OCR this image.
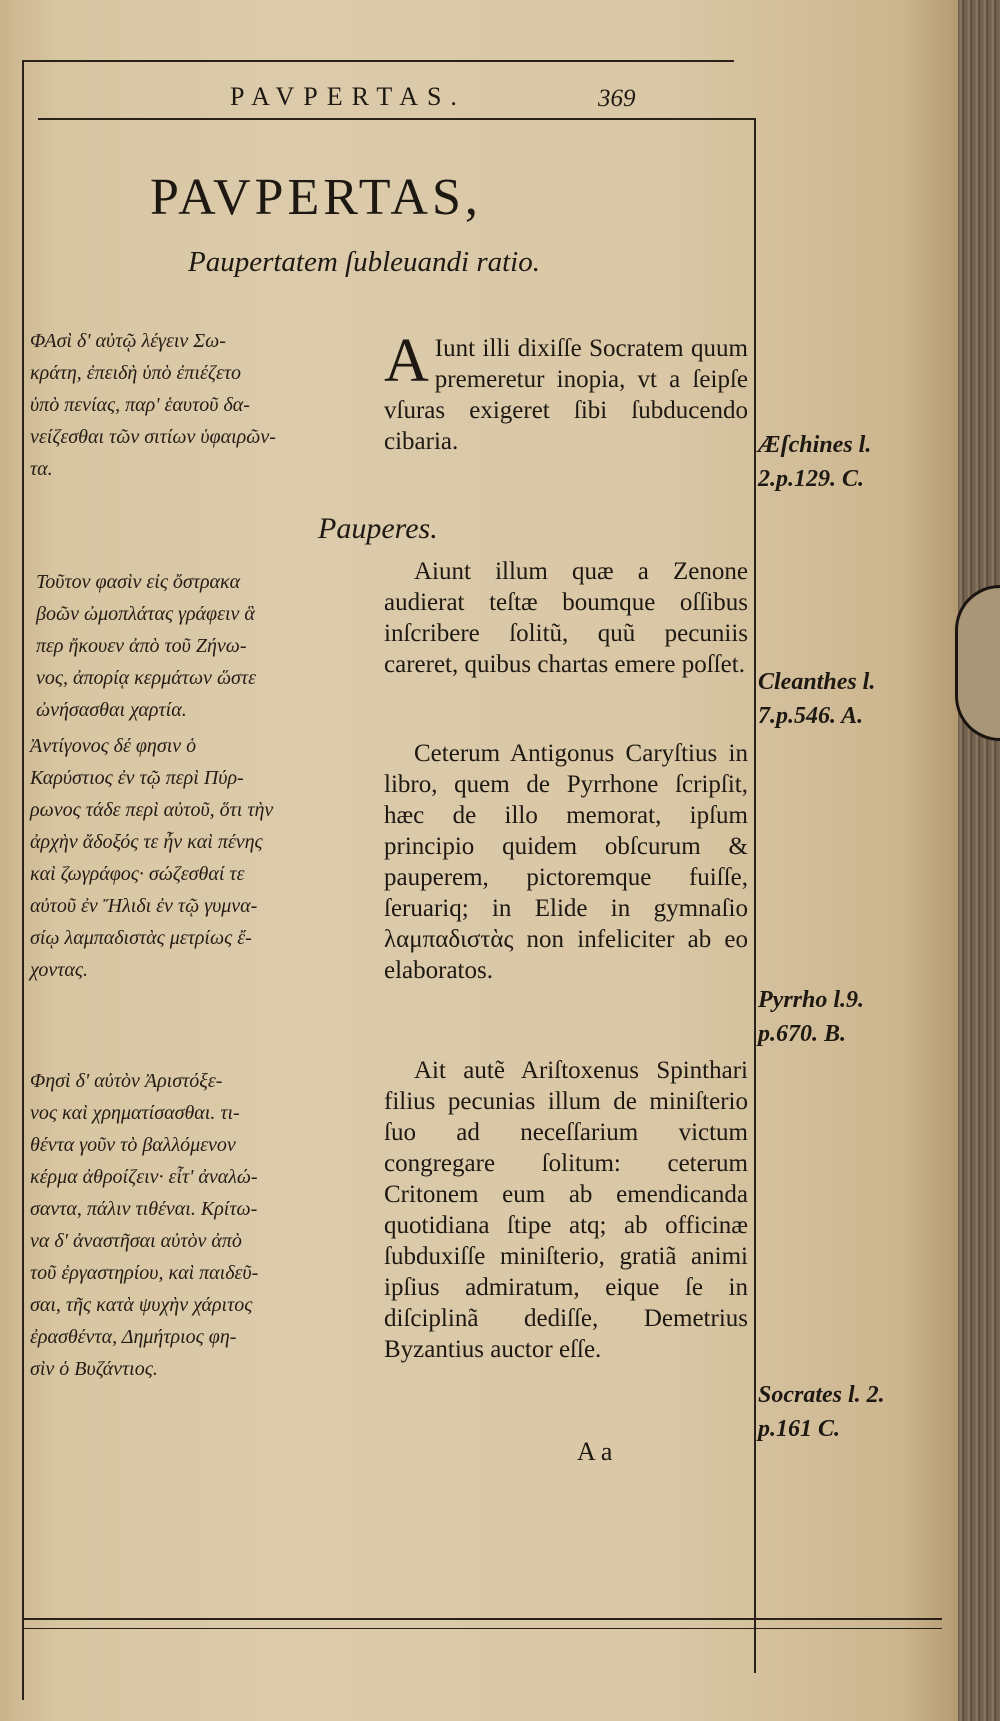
PAVPERTAS.	369
PAVPERTAS,
Paupertatem ſubleuandi ratio.
Pauperes.

ΦΑσὶ δ' αὐτῷ λέγειν Σω-

κράτη, ἐπειδὴ ὑπὸ ἐπιέζετο

ὑπὸ πενίας, παρ' ἑαυτοῦ δα-

νείζεσθαι τῶν σιτίων ὑφαιρῶν-

τα.

Τοῦτον φασὶν εἰς ὄστρακα

βοῶν ὠμοπλάτας γράφειν ἃ

περ ἤκουεν ἀπὸ τοῦ Ζήνω-

νος, ἀπορίᾳ κερμάτων ὥστε

ὠνήσασθαι χαρτία.

Ἀντίγονος δέ φησιν ὁ

Καρύστιος ἐν τῷ περὶ Πύρ-

ρωνος τάδε περὶ αὐτοῦ, ὅτι τὴν

ἀρχὴν ἄδοξός τε ἦν καὶ πένης

καὶ ζωγράφος· σώζεσθαί τε

αὐτοῦ ἐν Ἤλιδι ἐν τῷ γυμνα-

σίῳ λαμπαδιστὰς μετρίως ἔ-

χοντας.

Φησὶ δ' αὐτὸν Ἀριστόξε-

νος καὶ χρηματίσασθαι. τι-

θέντα γοῦν τὸ βαλλόμενον

κέρμα ἀθροίζειν· εἶτ' ἀναλώ-

σαντα, πάλιν τιθέναι. Κρίτω-

να δ' ἀναστῆσαι αὐτὸν ἀπὸ

τοῦ ἐργαστηρίου, καὶ παιδεῦ-

σαι, τῆς κατὰ ψυχὴν χάριτος

ἐρασθέντα, Δημήτριος φη-

σὶν ὁ Βυζάντιος.

A Iunt illi dixiſſe Socratem quum premeretur inopia, vt a ſeipſe vſuras exigeret ſibi ſubducendo cibaria.

Aiunt illum quæ a Zenone audierat teſtæ boumque oſſibus inſcribere ſolitũ, quũ pecuniis careret, quibus chartas emere poſſet.

Ceterum Antigonus Caryſtius in libro, quem de Pyrrhone ſcripſit, hæc de illo memorat, ipſum principio quidem obſcurum & pauperem, pictoremque fuiſſe, ſeruariq; in Elide in gymnaſio λαμπαδιστὰς non infeliciter ab eo elaboratos.

Ait autẽ Ariſtoxenus Spinthari filius pecunias illum de miniſterio ſuo ad neceſſarium victum congregare ſolitum: ceterum Critonem eum ab emendicanda quotidiana ſtipe atq; ab officinæ ſubduxiſſe miniſterio, gratiã animi ipſius admiratum, eique ſe in diſciplinã dediſſe, Demetrius Byzantius auctor eſſe.

Æſchines l.
2.p.129. C.
Cleanthes l.
7.p.546. A.
Pyrrho l.9.
p.670. B.
Socrates l. 2.
p.161 C.
A a
